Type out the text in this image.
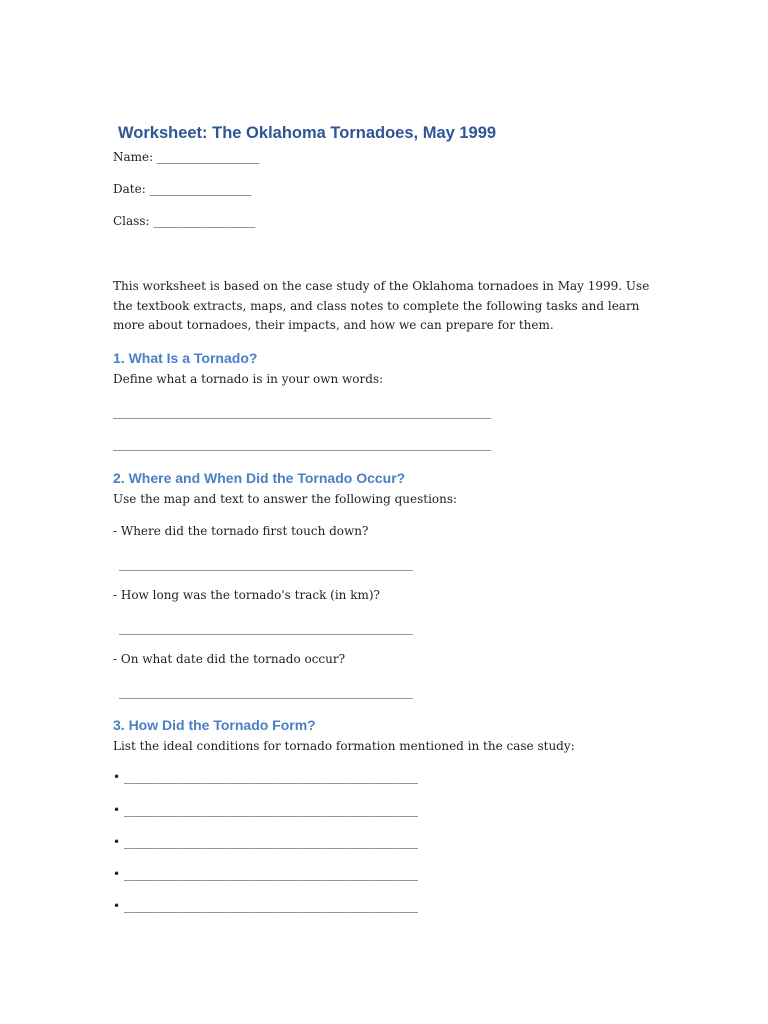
Worksheet: The Oklahoma Tornadoes, May 1999
Name: _________________
Date: _________________
Class: _________________

This worksheet is based on the case study of the Oklahoma tornadoes in May 1999. Use the textbook extracts, maps, and class notes to complete the following tasks and learn more about tornadoes, their impacts, and how we can prepare for them.

1. What Is a Tornado?

Define what a tornado is in your own words:

_______________________________________________________________
_______________________________________________________________
2. Where and When Did the Tornado Occur?

Use the map and text to answer the following questions:

- Where did the tornado first touch down?

_________________________________________________

- How long was the tornado's track (in km)?

_________________________________________________

- On what date did the tornado occur?

_________________________________________________
3. How Did the Tornado Form?

List the ideal conditions for tornado formation mentioned in the case study:

• _________________________________________________
• _________________________________________________
• _________________________________________________
• _________________________________________________
• _________________________________________________
